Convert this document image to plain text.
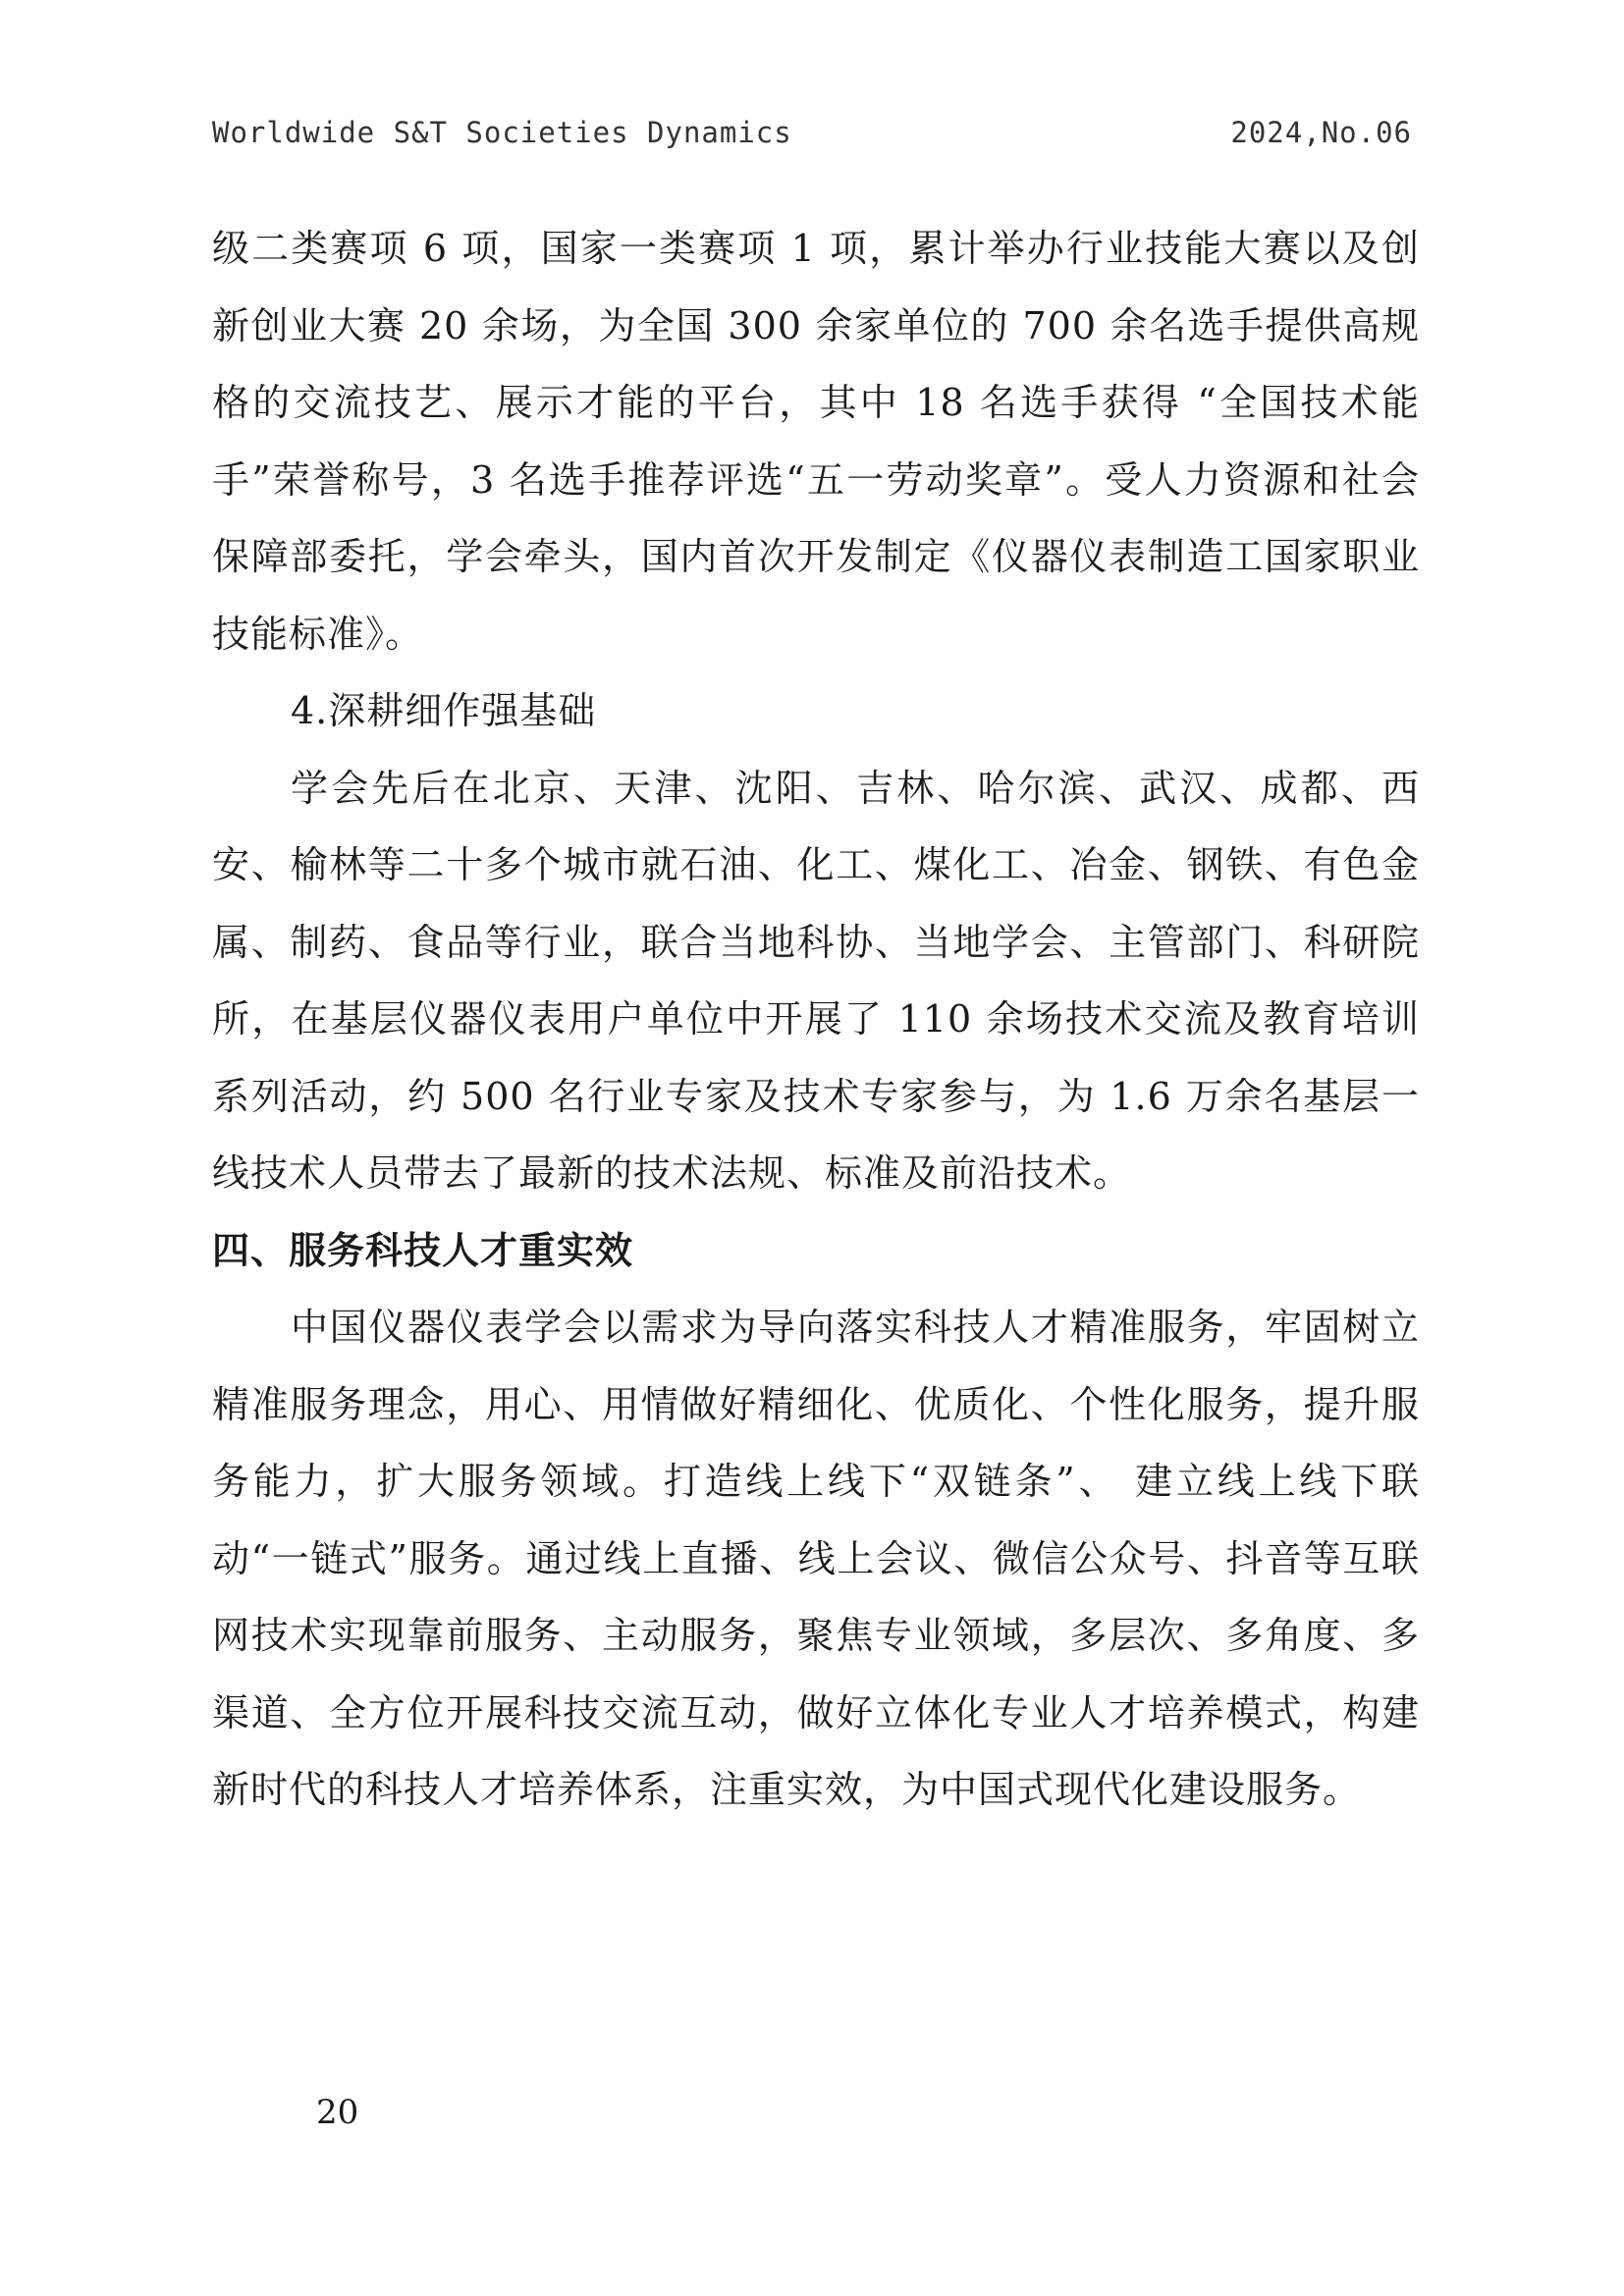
Worldwide S&T Societies Dynamics	2024,No.06

级二类赛项 6 项，国家一类赛项 1 项，累计举办行业技能大赛以及创新创业大赛 20 余场，为全国 300 余家单位的 700 余名选手提供高规格的交流技艺、展示才能的平台，其中 18 名选手获得 “全国技术能手”荣誉称号，3 名选手推荐评选“五一劳动奖章”。受人力资源和社会保障部委托，学会牵头，国内首次开发制定《仪器仪表制造工国家职业技能标准》。

4.深耕细作强基础

学会先后在北京、天津、沈阳、吉林、哈尔滨、武汉、成都、西安、榆林等二十多个城市就石油、化工、煤化工、冶金、钢铁、有色金属、制药、食品等行业，联合当地科协、当地学会、主管部门、科研院所，在基层仪器仪表用户单位中开展了 110 余场技术交流及教育培训系列活动，约 500 名行业专家及技术专家参与，为 1.6 万余名基层一线技术人员带去了最新的技术法规、标准及前沿技术。

四、服务科技人才重实效

中国仪器仪表学会以需求为导向落实科技人才精准服务，牢固树立精准服务理念，用心、用情做好精细化、优质化、个性化服务，提升服务能力，扩大服务领域。打造线上线下“双链条”、 建立线上线下联动“一链式”服务。通过线上直播、线上会议、微信公众号、抖音等互联网技术实现靠前服务、主动服务，聚焦专业领域，多层次、多角度、多渠道、全方位开展科技交流互动，做好立体化专业人才培养模式，构建新时代的科技人才培养体系，注重实效，为中国式现代化建设服务。

20
